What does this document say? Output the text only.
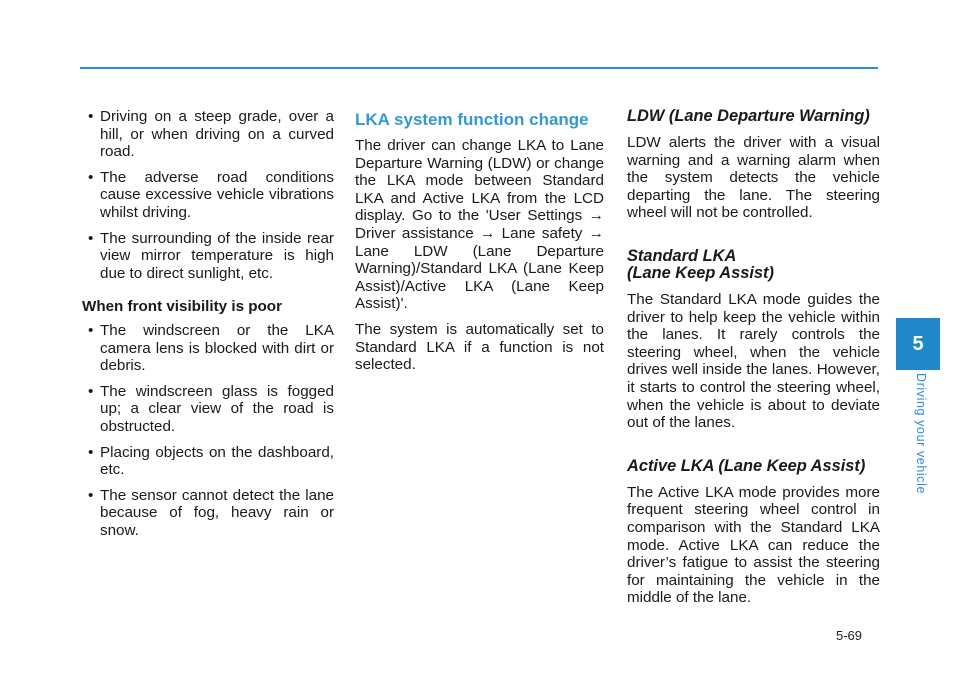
• Driving on a steep grade, over a hill, or when driving on a curved road.
• The adverse road conditions cause excessive vehicle vibrations whilst driving.
• The surrounding of the inside rear view mirror temperature is high due to direct sunlight, etc.
When front visibility is poor
• The windscreen or the LKA camera lens is blocked with dirt or debris.
• The windscreen glass is fogged up; a clear view of the road is obstructed.
• Placing objects on the dashboard, etc.
• The sensor cannot detect the lane because of fog, heavy rain or snow.
LKA system function change

The driver can change LKA to Lane Departure Warning (LDW) or change the LKA mode between Standard LKA and Active LKA from the LCD display. Go to the 'User Settings → Driver assistance → Lane safety → Lane LDW (Lane Departure Warning)/Standard LKA (Lane Keep Assist)/Active LKA (Lane Keep Assist)'.

The system is automatically set to Standard LKA if a function is not selected.

LDW (Lane Departure Warning)

LDW alerts the driver with a visual warning and a warning alarm when the system detects the vehicle departing the lane. The steering wheel will not be controlled.

Standard LKA
(Lane Keep Assist)

The Standard LKA mode guides the driver to help keep the vehicle within the lanes. It rarely controls the steering wheel, when the vehicle drives well inside the lanes. However, it starts to control the steering wheel, when the vehicle is about to deviate out of the lanes.

Active LKA (Lane Keep Assist)

The Active LKA mode provides more frequent steering wheel control in comparison with the Standard LKA mode. Active LKA can reduce the driver’s fatigue to assist the steering for maintaining the vehicle in the middle of the lane.

5
Driving your vehicle
5-69
